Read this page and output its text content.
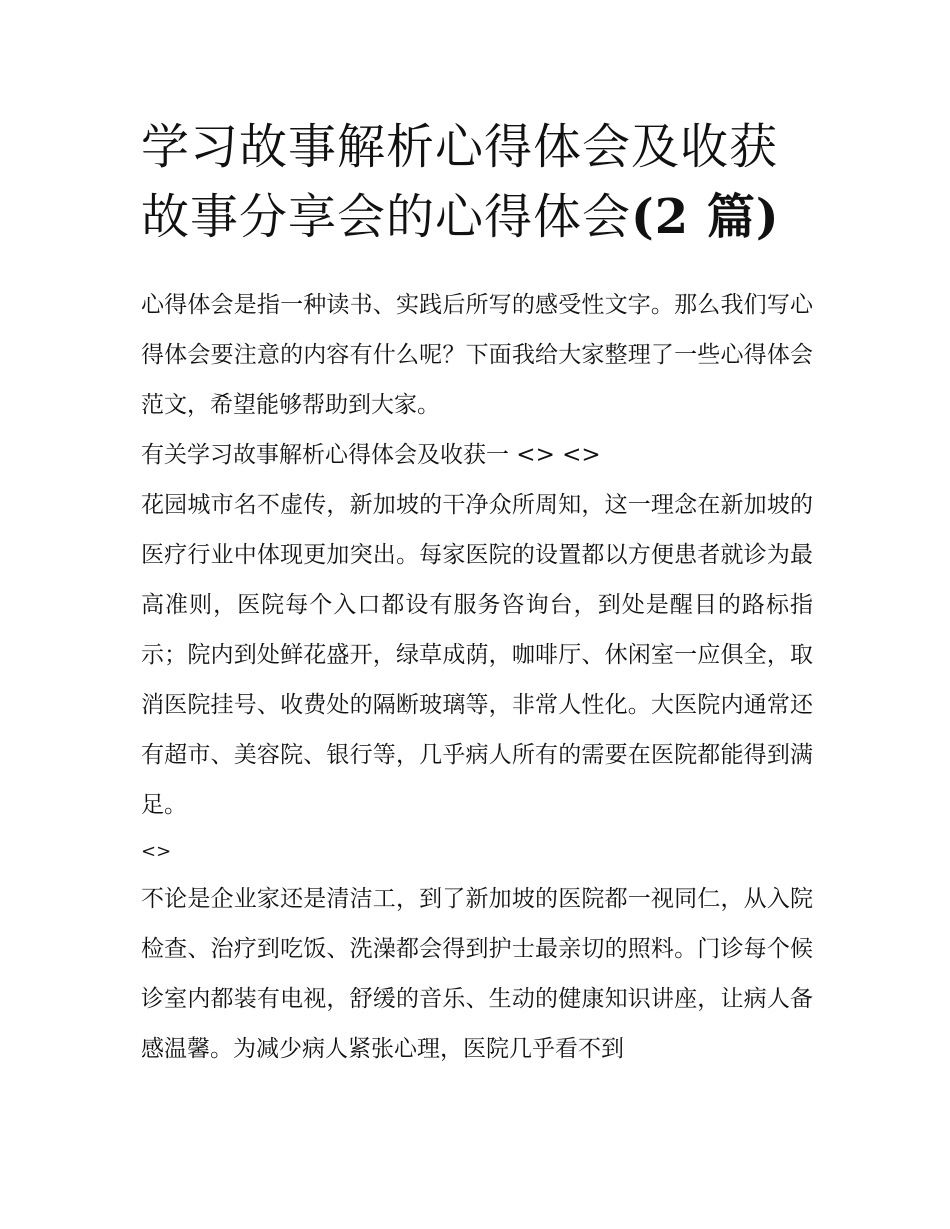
学习故事解析心得体会及收获
故事分享会的心得体会(2 篇)

心得体会是指一种读书、实践后所写的感受性文字。那么我们写心得体会要注意的内容有什么呢？下面我给大家整理了一些心得体会范文，希望能够帮助到大家。

有关学习故事解析心得体会及收获一 <> <>

花园城市名不虚传，新加坡的干净众所周知，这一理念在新加坡的医疗行业中体现更加突出。每家医院的设置都以方便患者就诊为最高准则，医院每个入口都设有服务咨询台，到处是醒目的路标指示；院内到处鲜花盛开，绿草成荫，咖啡厅、休闲室一应俱全，取消医院挂号、收费处的隔断玻璃等，非常人性化。大医院内通常还有超市、美容院、银行等，几乎病人所有的需要在医院都能得到满足。

<>

不论是企业家还是清洁工，到了新加坡的医院都一视同仁，从入院检查、治疗到吃饭、洗澡都会得到护士最亲切的照料。门诊每个候诊室内都装有电视，舒缓的音乐、生动的健康知识讲座，让病人备感温馨。为减少病人紧张心理，医院几乎看不到
